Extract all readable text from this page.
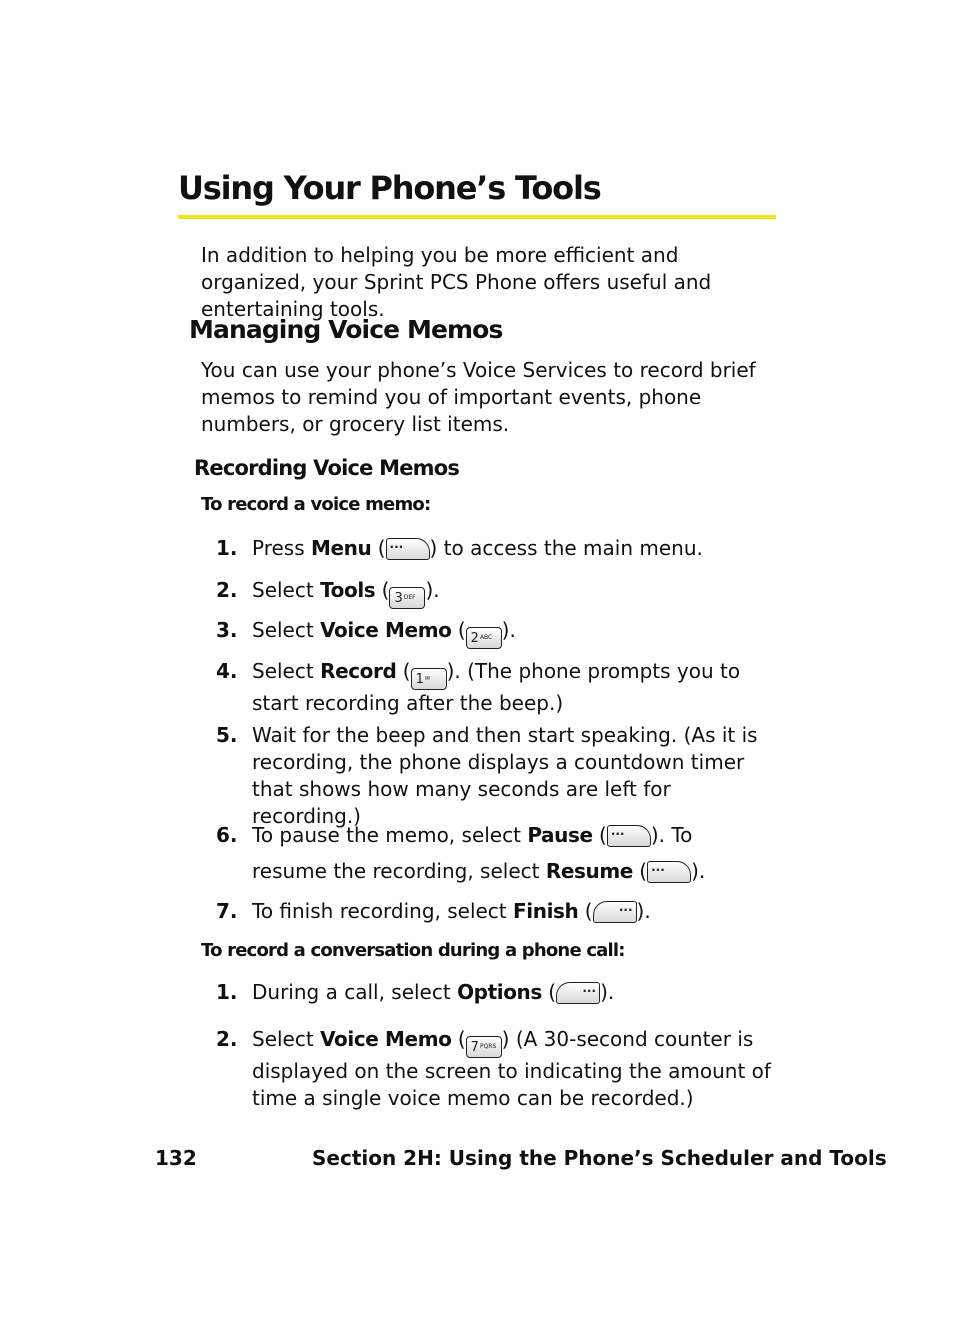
Using Your Phone’s Tools
In addition to helping you be more efficient and organized, your Sprint PCS Phone offers useful and entertaining tools.
Managing Voice Memos
You can use your phone’s Voice Services to record brief memos to remind you of important events, phone numbers, or grocery list items.
Recording Voice Memos
To record a voice memo:
1. Press Menu ( ··· ) to access the main menu.
2. Select Tools ( $3^{DEF}$ ).
3. Select Voice Memo ( $2^{ABC}$ ).
4. Select Record ( 1✉ ). (The phone prompts you to start recording after the beep.)
5. Wait for the beep and then start speaking. (As it is recording, the phone displays a countdown timer that shows how many seconds are left for recording.)
6. To pause the memo, select Pause ( ··· ). To resume the recording, select Resume ( ··· ).
7. To finish recording, select Finish ( ··· ).
To record a conversation during a phone call:
1. During a call, select Options ( ··· ).
2. Select Voice Memo ( $7^{PQRS}$ ) (A 30-second counter is displayed on the screen to indicating the amount of time a single voice memo can be recorded.)
132	Section 2H: Using the Phone’s Scheduler and Tools
